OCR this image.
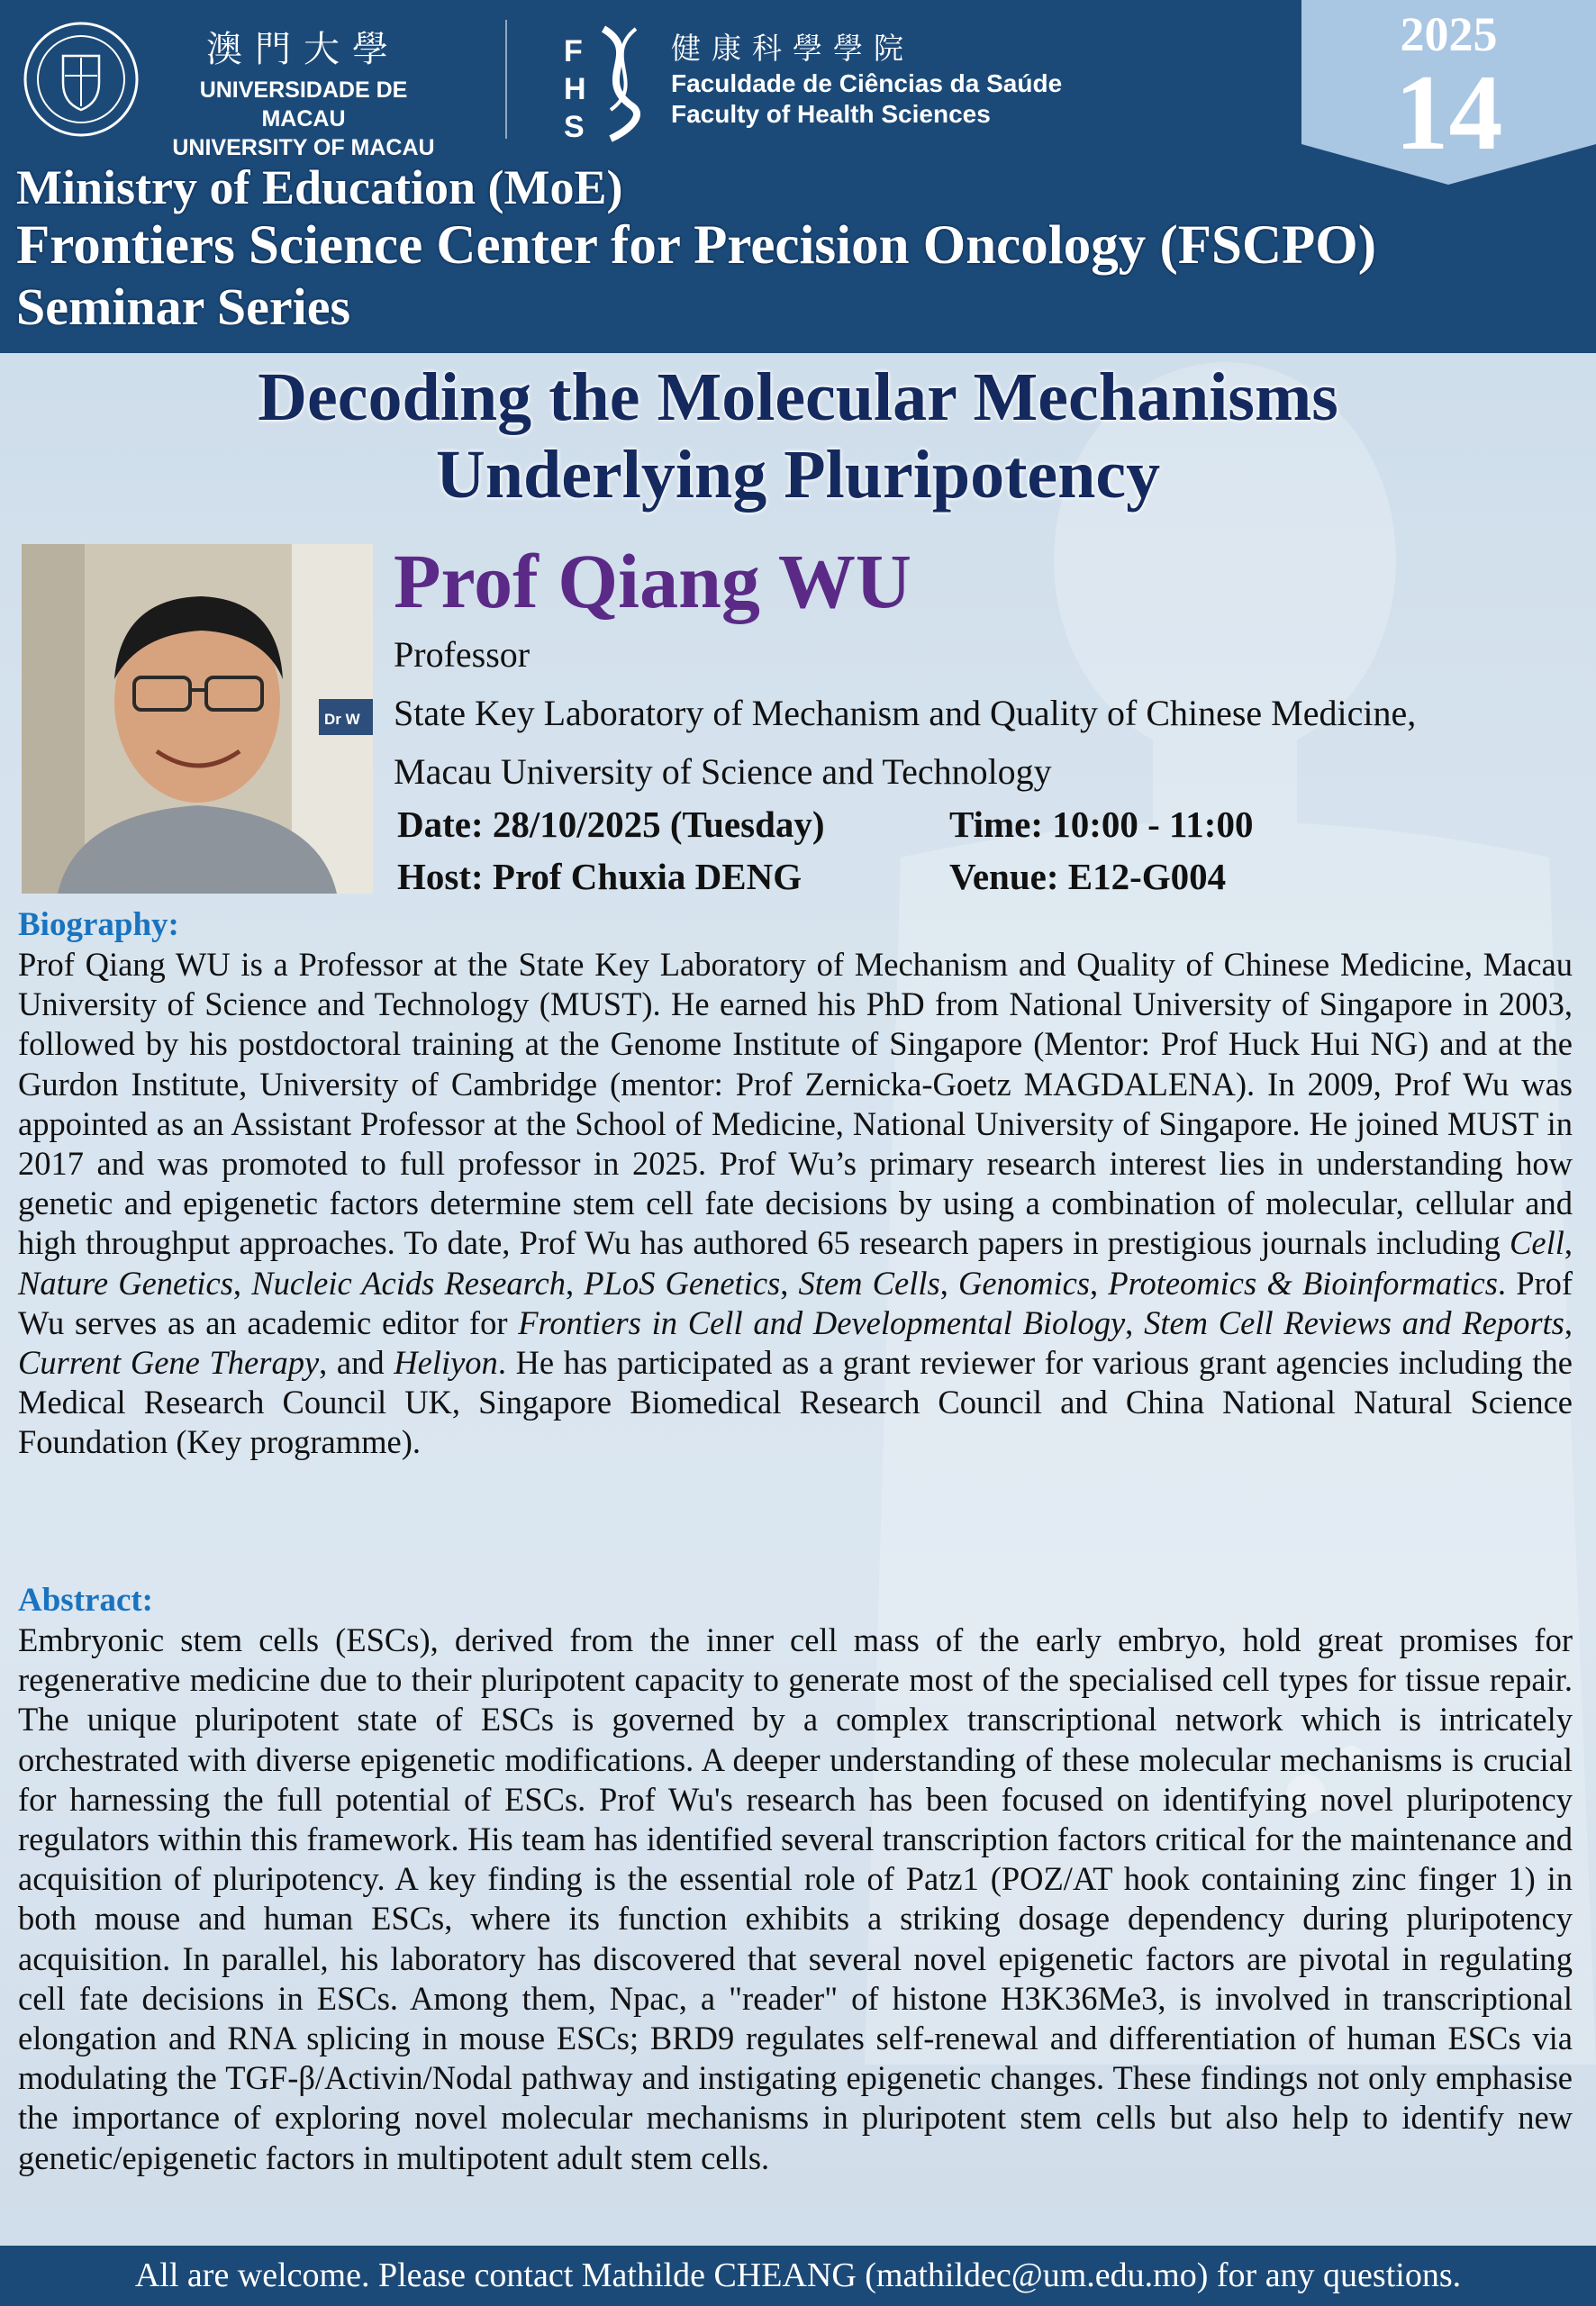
澳門大學
UNIVERSIDADE DE MACAU
UNIVERSITY OF MACAU
F
H
S
健康科學學院
Faculdade de Ciências da Saúde
Faculty of Health Sciences
2025
14
Ministry of Education (MoE)
Frontiers Science Center for Precision Oncology (FSCPO)
Seminar Series
Decoding the Molecular Mechanisms
Underlying Pluripotency
Dr W
Prof Qiang WU
Professor
State Key Laboratory of Mechanism and Quality of Chinese Medicine,
Macau University of Science and Technology
Date: 28/10/2025 (Tuesday)	Time: 10:00 - 11:00
Host: Prof Chuxia DENG	Venue: E12-G004
Biography:
Prof Qiang WU is a Professor at the State Key Laboratory of Mechanism and Quality of Chinese Medicine, Macau University of Science and Technology (MUST). He earned his PhD from National University of Singapore in 2003, followed by his postdoctoral training at the Genome Institute of Singapore (Mentor: Prof Huck Hui NG) and at the Gurdon Institute, University of Cambridge (mentor: Prof Zernicka-Goetz MAGDALENA). In 2009, Prof Wu was appointed as an Assistant Professor at the School of Medicine, National University of Singapore. He joined MUST in 2017 and was promoted to full professor in 2025. Prof Wu’s primary research interest lies in understanding how genetic and epigenetic factors determine stem cell fate decisions by using a combination of molecular, cellular and high throughput approaches. To date, Prof Wu has authored 65 research papers in prestigious journals including Cell, Nature Genetics, Nucleic Acids Research, PLoS Genetics, Stem Cells, Genomics, Proteomics & Bioinformatics. Prof Wu serves as an academic editor for Frontiers in Cell and Developmental Biology, Stem Cell Reviews and Reports, Current Gene Therapy, and Heliyon. He has participated as a grant reviewer for various grant agencies including the Medical Research Council UK, Singapore Biomedical Research Council and China National Natural Science Foundation (Key programme).
Abstract:
Embryonic stem cells (ESCs), derived from the inner cell mass of the early embryo, hold great promises for regenerative medicine due to their pluripotent capacity to generate most of the specialised cell types for tissue repair. The unique pluripotent state of ESCs is governed by a complex transcriptional network which is intricately orchestrated with diverse epigenetic modifications. A deeper understanding of these molecular mechanisms is crucial for harnessing the full potential of ESCs. Prof Wu's research has been focused on identifying novel pluripotency regulators within this framework. His team has identified several transcription factors critical for the maintenance and acquisition of pluripotency. A key finding is the essential role of Patz1 (POZ/AT hook containing zinc finger 1) in both mouse and human ESCs, where its function exhibits a striking dosage dependency during pluripotency acquisition. In parallel, his laboratory has discovered that several novel epigenetic factors are pivotal in regulating cell fate decisions in ESCs. Among them, Npac, a "reader" of histone H3K36Me3, is involved in transcriptional elongation and RNA splicing in mouse ESCs; BRD9 regulates self-renewal and differentiation of human ESCs via modulating the TGF-β/Activin/Nodal pathway and instigating epigenetic changes. These findings not only emphasise the importance of exploring novel molecular mechanisms in pluripotent stem cells but also help to identify new genetic/epigenetic factors in multipotent adult stem cells.
All are welcome. Please contact Mathilde CHEANG (mathildec@um.edu.mo) for any questions.
